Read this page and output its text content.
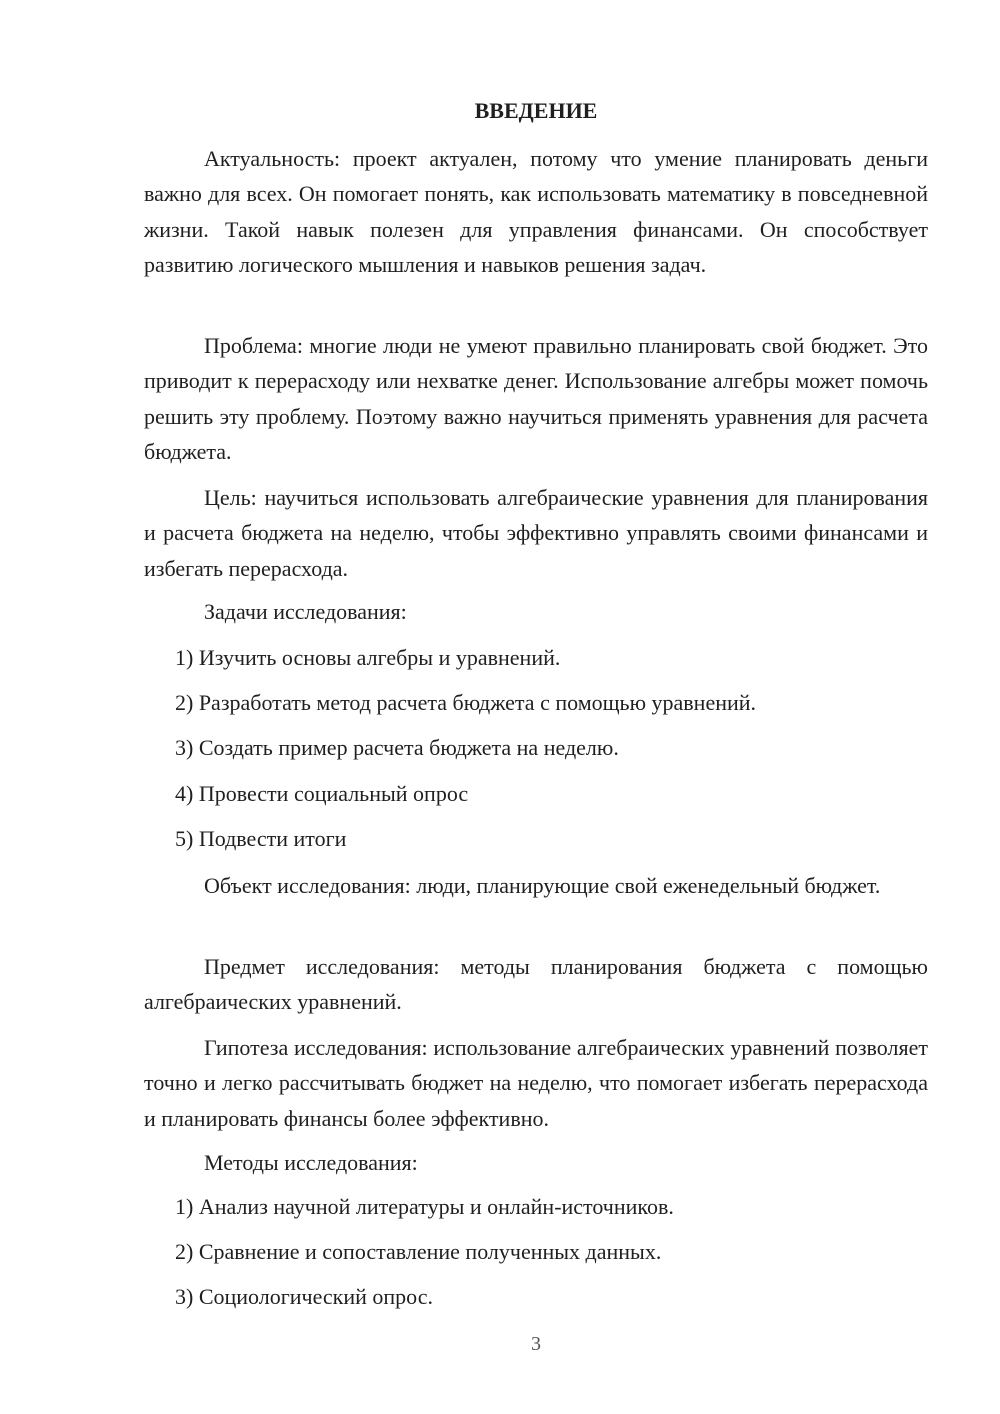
ВВЕДЕНИЕ

Актуальность: проект актуален, потому что умение планировать деньги важно для всех. Он помогает понять, как использовать математику в повседневной жизни. Такой навык полезен для управления финансами. Он способствует развитию логического мышления и навыков решения задач.

Проблема: многие люди не умеют правильно планировать свой бюджет. Это приводит к перерасходу или нехватке денег. Использование алгебры может помочь решить эту проблему. Поэтому важно научиться применять уравнения для расчета бюджета.

Цель: научиться использовать алгебраические уравнения для планирования и расчета бюджета на неделю, чтобы эффективно управлять своими финансами и избегать перерасхода.

Задачи исследования:

1) Изучить основы алгебры и уравнений.

2) Разработать метод расчета бюджета с помощью уравнений.

3) Создать пример расчета бюджета на неделю.

4) Провести социальный опрос

5) Подвести итоги

Объект исследования: люди, планирующие свой еженедельный бюджет.

Предмет исследования: методы планирования бюджета с помощью алгебраических уравнений.

Гипотеза исследования: использование алгебраических уравнений позволяет точно и легко рассчитывать бюджет на неделю, что помогает избегать перерасхода и планировать финансы более эффективно.

Методы исследования:

1) Анализ научной литературы и онлайн-источников.

2) Сравнение и сопоставление полученных данных.

3) Социологический опрос.

3
